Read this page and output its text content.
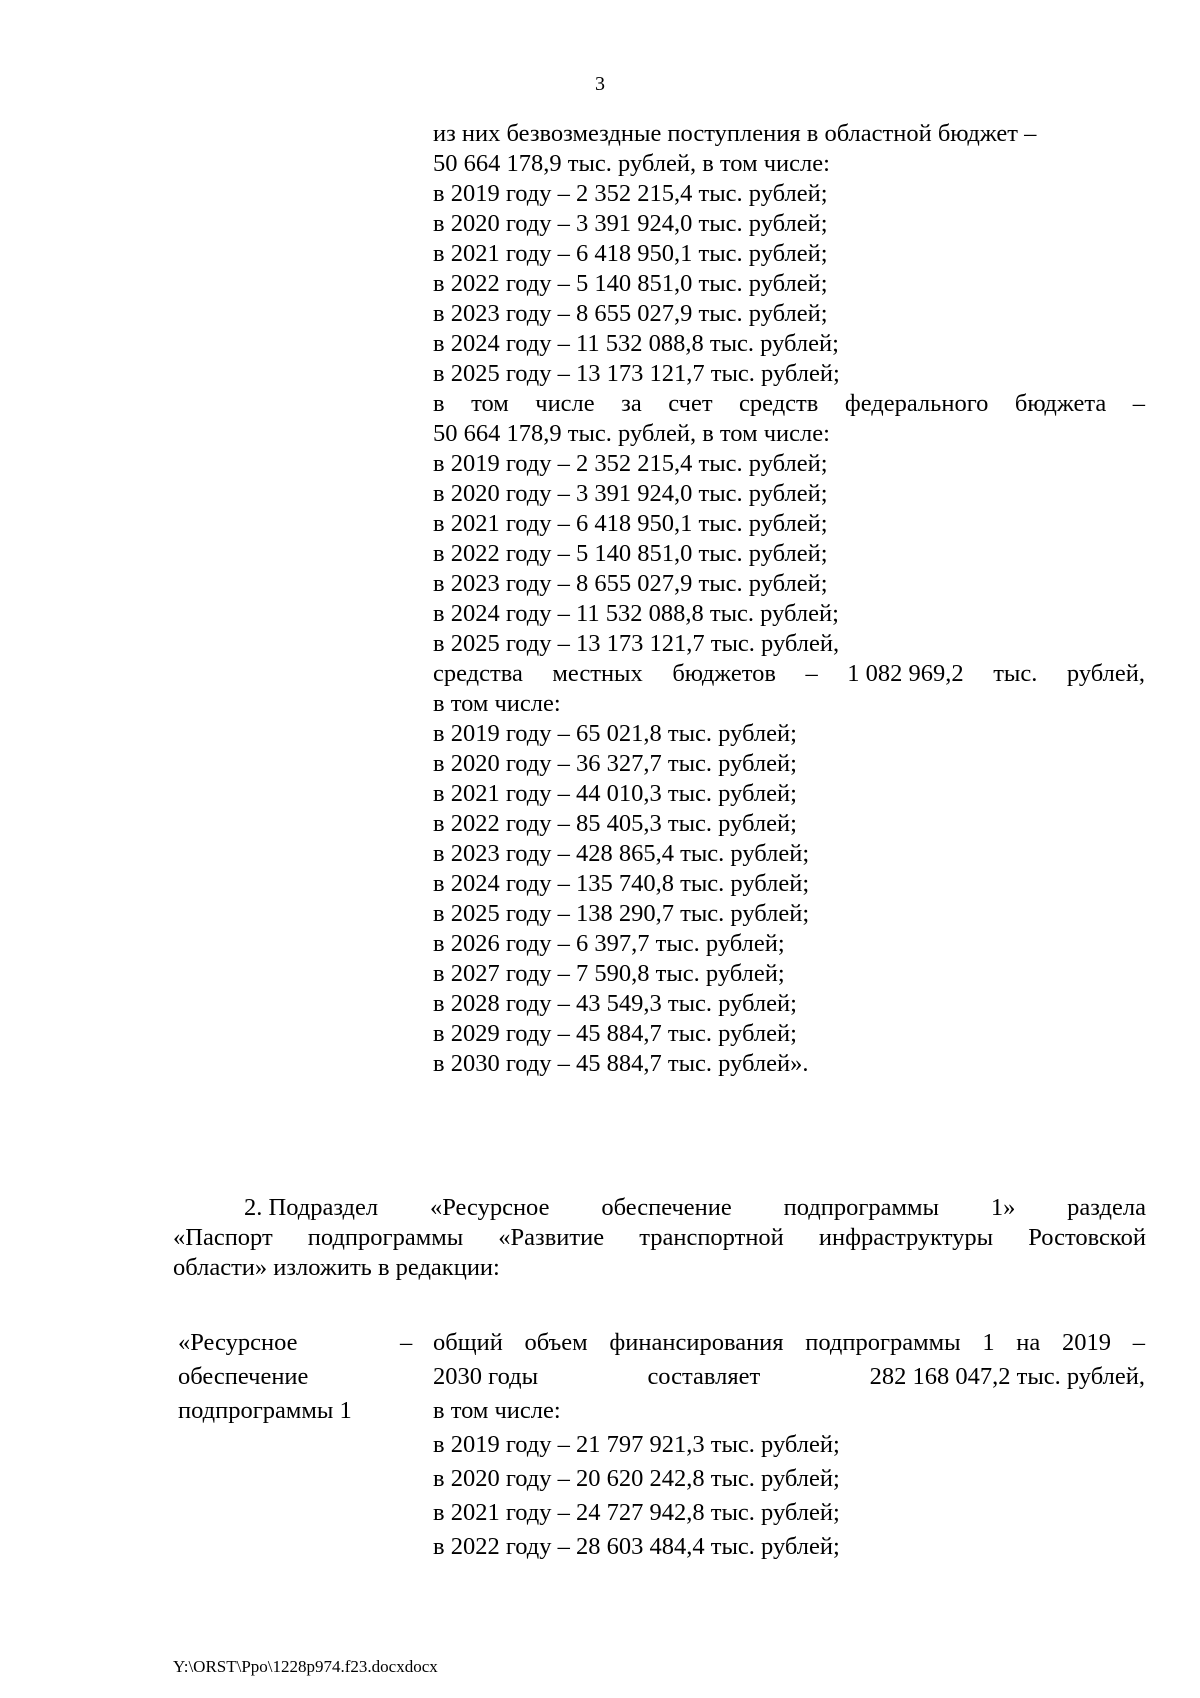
3
из них безвозмездные поступления в областной бюджет –
50 664 178,9 тыс. рублей, в том числе:
в 2019 году – 2 352 215,4 тыс. рублей;
в 2020 году – 3 391 924,0 тыс. рублей;
в 2021 году – 6 418 950,1 тыс. рублей;
в 2022 году – 5 140 851,0 тыс. рублей;
в 2023 году – 8 655 027,9 тыс. рублей;
в 2024 году – 11 532 088,8 тыс. рублей;
в 2025 году – 13 173 121,7 тыс. рублей;
в том числе за счет средств федерального бюджета –
50 664 178,9 тыс. рублей, в том числе:
в 2019 году – 2 352 215,4 тыс. рублей;
в 2020 году – 3 391 924,0 тыс. рублей;
в 2021 году – 6 418 950,1 тыс. рублей;
в 2022 году – 5 140 851,0 тыс. рублей;
в 2023 году – 8 655 027,9 тыс. рублей;
в 2024 году – 11 532 088,8 тыс. рублей;
в 2025 году – 13 173 121,7 тыс. рублей,
средства местных бюджетов – 1 082 969,2 тыс. рублей,
в том числе:
в 2019 году – 65 021,8 тыс. рублей;
в 2020 году – 36 327,7 тыс. рублей;
в 2021 году – 44 010,3 тыс. рублей;
в 2022 году – 85 405,3 тыс. рублей;
в 2023 году – 428 865,4 тыс. рублей;
в 2024 году – 135 740,8 тыс. рублей;
в 2025 году – 138 290,7 тыс. рублей;
в 2026 году – 6 397,7 тыс. рублей;
в 2027 году – 7 590,8 тыс. рублей;
в 2028 году – 43 549,3 тыс. рублей;
в 2029 году – 45 884,7 тыс. рублей;
в 2030 году – 45 884,7 тыс. рублей».
2. Подраздел «Ресурсное обеспечение подпрограммы 1» раздела
«Паспорт подпрограммы «Развитие транспортной инфраструктуры Ростовской
области» изложить в редакции:
«Ресурсное
обеспечение
подпрограммы 1
– общий объем финансирования подпрограммы 1 на 2019 –
2030 годы	составляет	282 168 047,2 тыс. рублей,
в том числе:
в 2019 году – 21 797 921,3 тыс. рублей;
в 2020 году – 20 620 242,8 тыс. рублей;
в 2021 году – 24 727 942,8 тыс. рублей;
в 2022 году – 28 603 484,4 тыс. рублей;
Y:\ORST\Ppo\1228p974.f23.docxdocx
